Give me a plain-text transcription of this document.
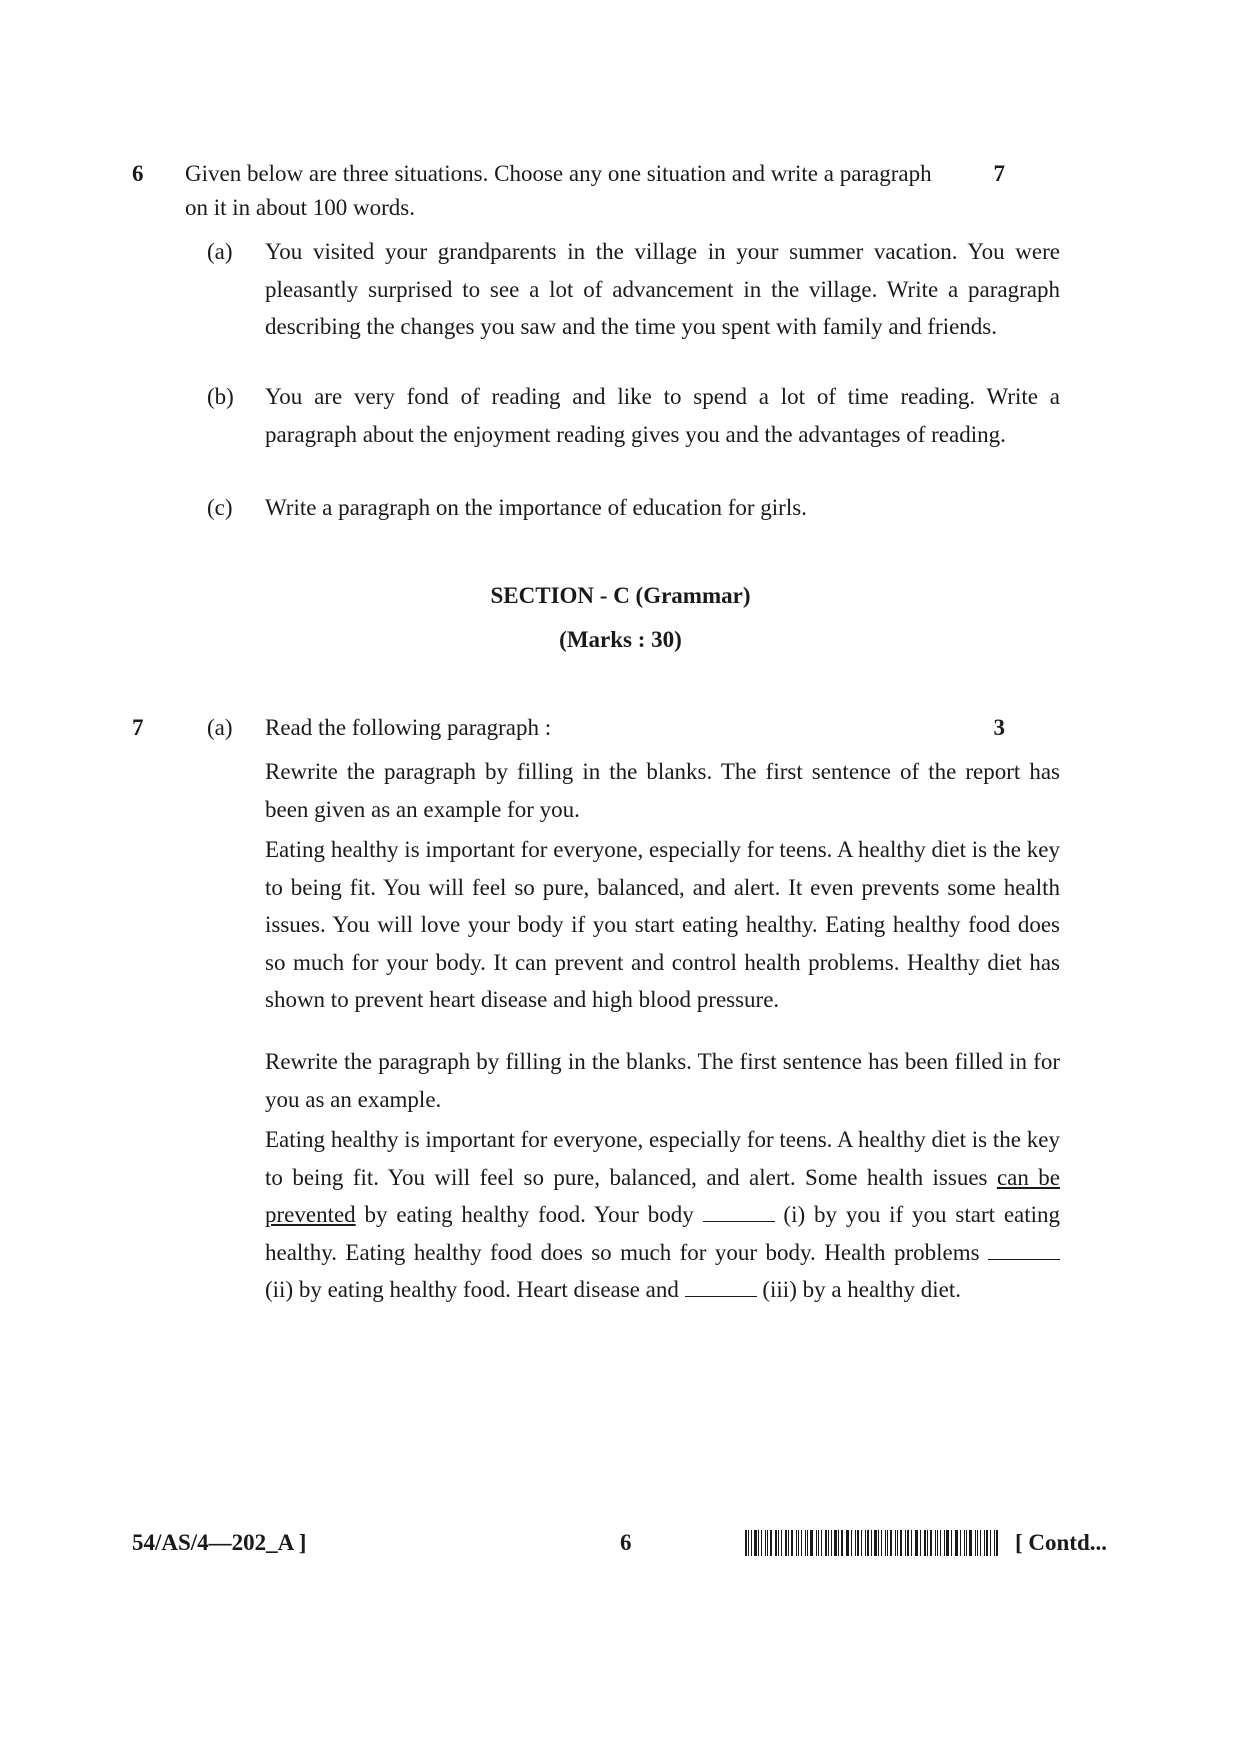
6 Given below are three situations. Choose any one situation and write a paragraph
on it in about 100 words.
7
(a) You visited your grandparents in the village in your summer vacation. You were pleasantly surprised to see a lot of advancement in the village. Write a paragraph describing the changes you saw and the time you spent with family and friends.
(b) You are very fond of reading and like to spend a lot of time reading. Write a paragraph about the enjoyment reading gives you and the advantages of reading.
(c) Write a paragraph on the importance of education for girls.
SECTION - C (Grammar)
(Marks : 30)
7	(a) Read the following paragraph :	3
Rewrite the paragraph by filling in the blanks. The first sentence of the report has been given as an example for you.
Eating healthy is important for everyone, especially for teens. A healthy diet is the key to being fit. You will feel so pure, balanced, and alert. It even prevents some health issues. You will love your body if you start eating healthy. Eating healthy food does so much for your body. It can prevent and control health problems. Healthy diet has shown to prevent heart disease and high blood pressure.
Rewrite the paragraph by filling in the blanks. The first sentence has been filled in for you as an example.
Eating healthy is important for everyone, especially for teens. A healthy diet is the key to being fit. You will feel so pure, balanced, and alert. Some health issues can be prevented by eating healthy food. Your body	(i) by you if you start eating healthy. Eating healthy food does so much for your body. Health problems  (ii) by eating healthy food. Heart disease and	(iii) by a healthy diet.
54/AS/4—202_A ]	6	[ Contd...
